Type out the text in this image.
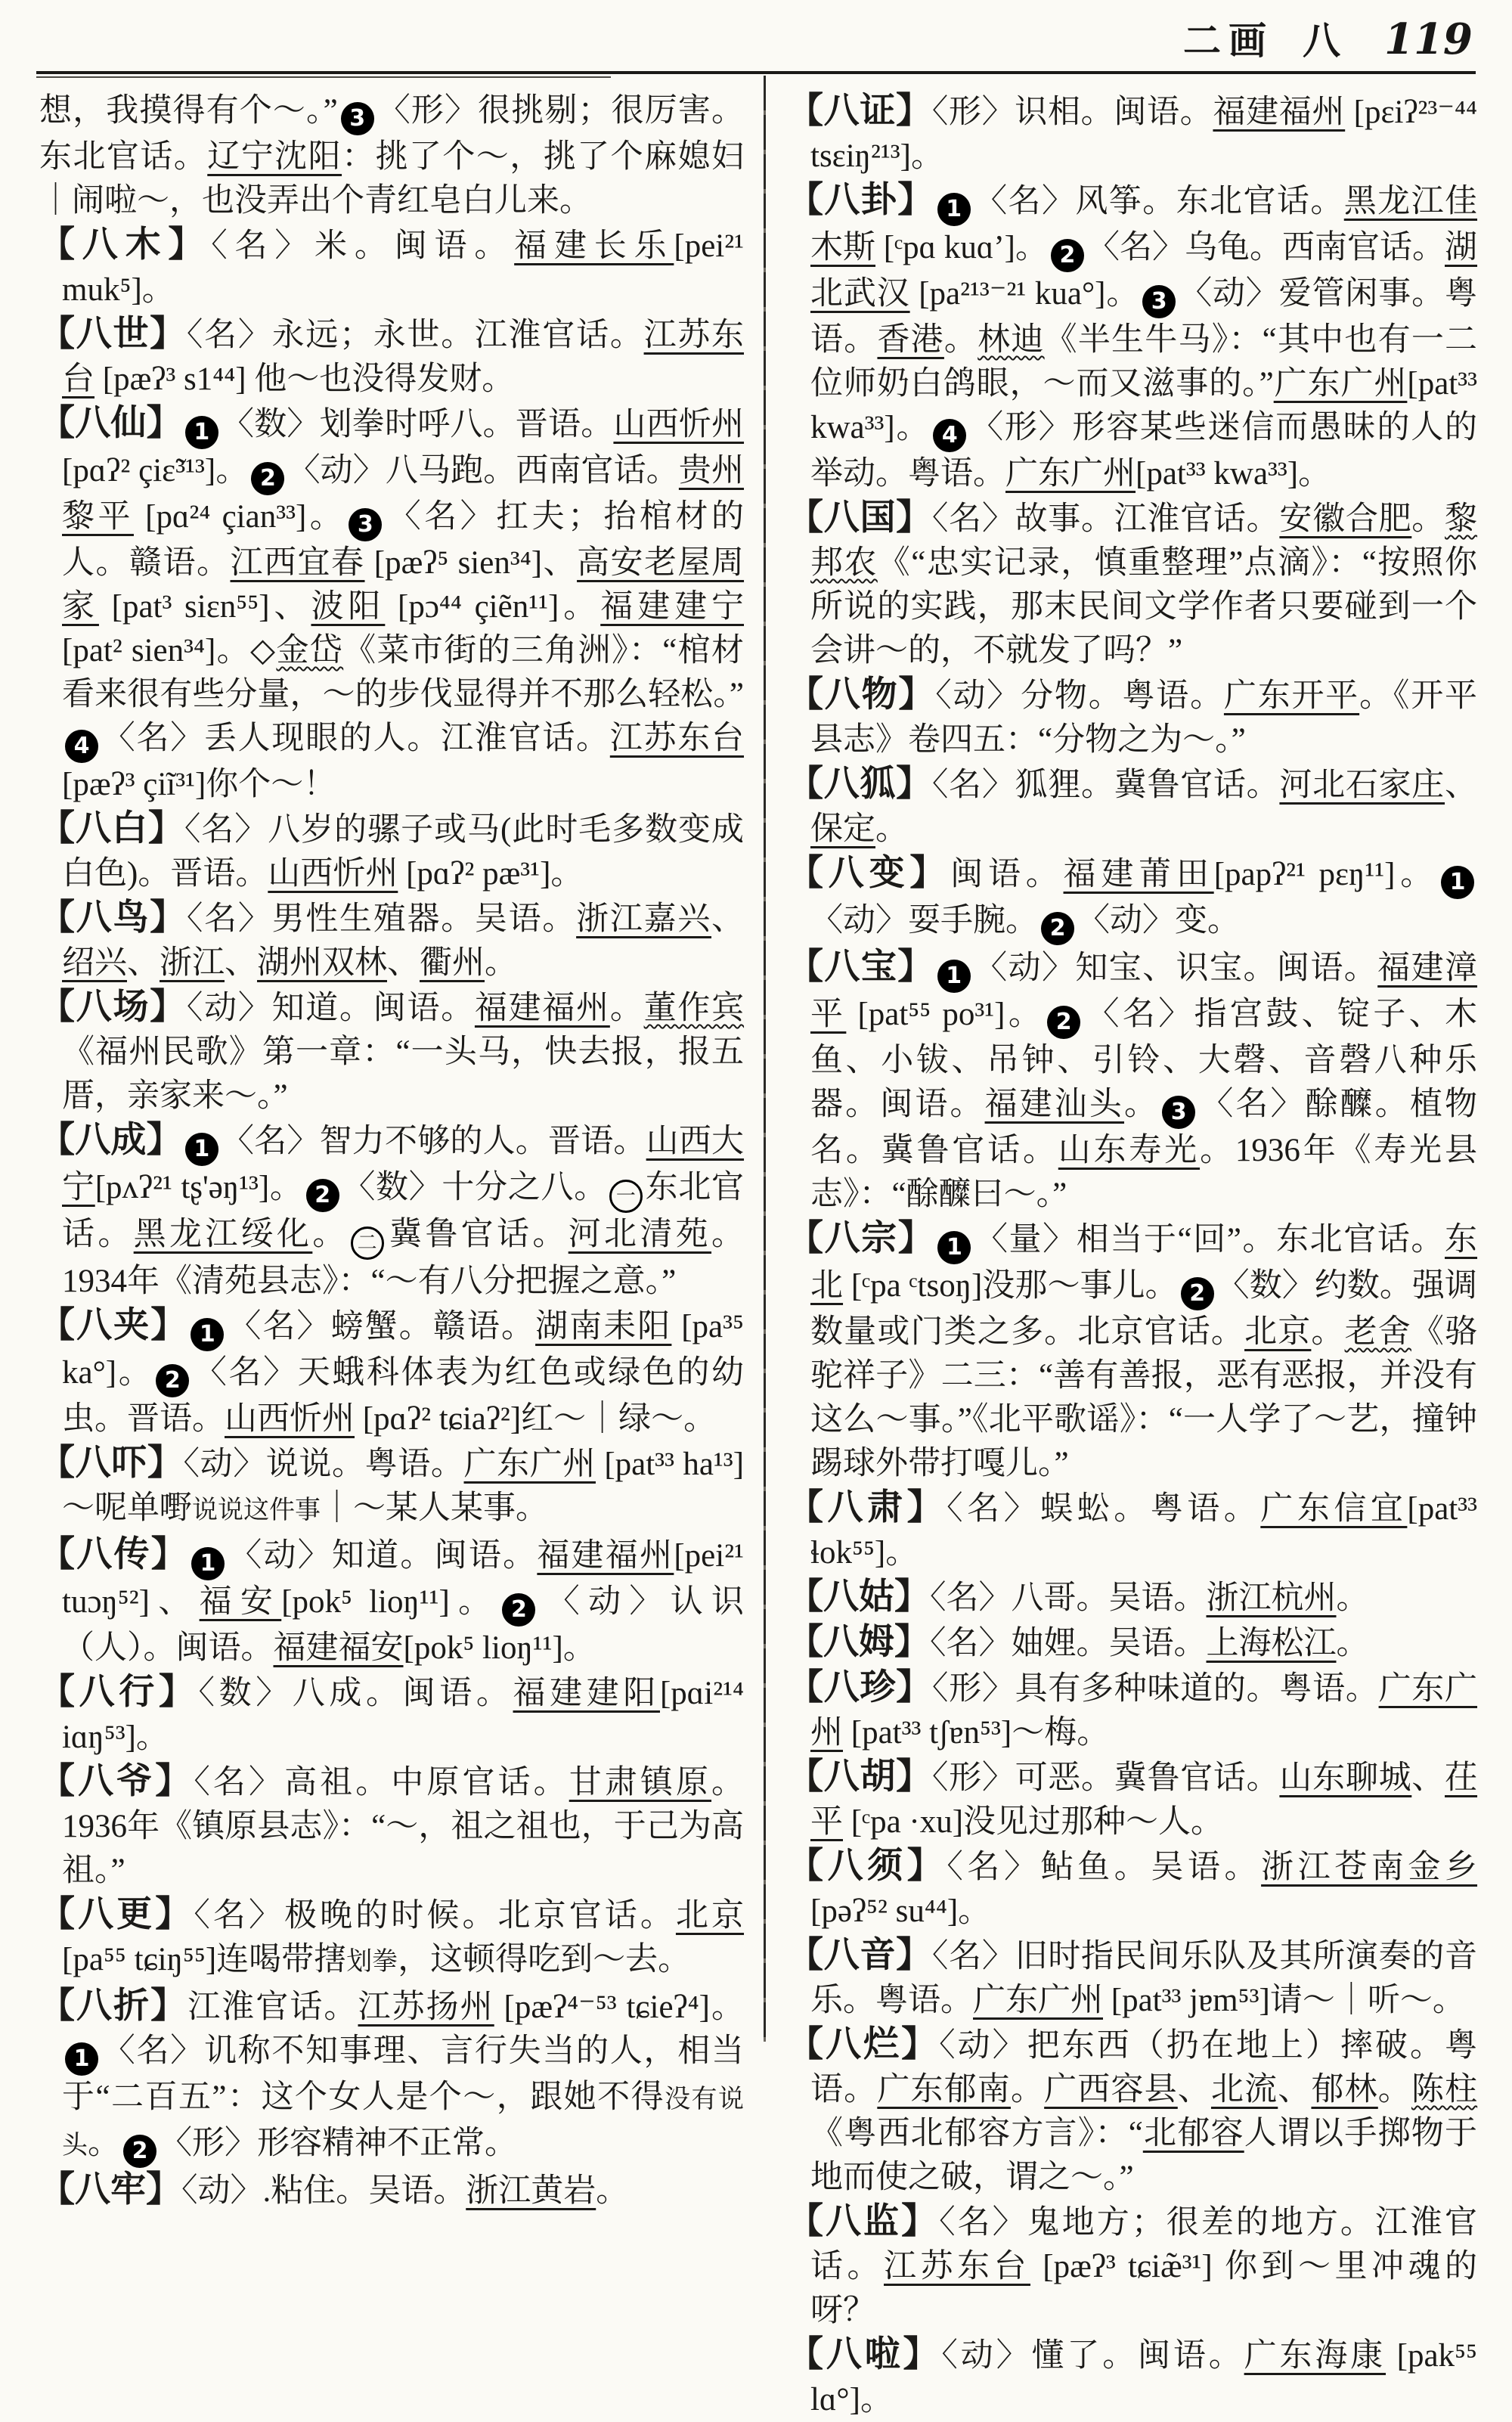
二画 八 119

想，我摸得有个～。” 3 〈形〉很挑剔；很厉害。东北官话。辽宁沈阳：挑了个～，挑了个麻媳妇｜闹啦～，也没弄出个青红皂白儿来。

【八木】〈名〉米。闽语。福建长乐[pei²¹ muk⁵]。

【八世】〈名〉永远；永世。江淮官话。江苏东台 [pæʔ³ s1⁴⁴] 他～也没得发财。

【八仙】 1 〈数〉划拳时呼八。晋语。山西忻州 [pɑʔ² çiɛ̃³¹³]。 2 〈动〉八马跑。西南官话。贵州黎平 [pɑ²⁴ çian³³]。 3 〈名〉扛夫；抬棺材的人。赣语。江西宜春 [pæʔ⁵ sien³⁴]、高安老屋周家 [pat³ siɛn⁵⁵]、波阳 [pɔ⁴⁴ çiẽn¹¹]。福建建宁 [pat² sien³⁴]。◇金岱《菜市街的三角洲》：“棺材看来很有些分量，～的步伐显得并不那么轻松。”4 〈名〉丢人现眼的人。江淮官话。江苏东台[pæʔ³ çiĩ³¹]你个～！

【八白】〈名〉八岁的骡子或马(此时毛多数变成白色)。晋语。山西忻州 [pɑʔ² pæ³¹]。

【八鸟】〈名〉男性生殖器。吴语。浙江嘉兴、绍兴、浙江、湖州双林、衢州。

【八场】〈动〉知道。闽语。福建福州。董作宾《福州民歌》第一章：“一头马，快去报，报五厝，亲家来～。”

【八成】 1 〈名〉智力不够的人。晋语。山西大宁[pʌʔ²¹ tʂ'əŋ¹³]。 2 〈数〉十分之八。 一 东北官话。黑龙江绥化。 二 冀鲁官话。河北清苑。1934年《清苑县志》：“～有八分把握之意。”

【八夹】 1 〈名〉螃蟹。赣语。湖南耒阳 [pa³⁵ ka°]。 2 〈名〉天蛾科体表为红色或绿色的幼虫。晋语。山西忻州 [pɑʔ² tɕiaʔ²]红～｜绿～。

【八吓】〈动〉说说。粤语。广东广州 [pat³³ ha¹³] ～呢单嘢说说这件事｜～某人某事。

【八传】 1 〈动〉知道。闽语。福建福州[pei²¹ tuɔŋ⁵²]、福安[pok⁵ lioŋ¹¹]。 2 〈动〉认识（人）。闽语。福建福安[pok⁵ lioŋ¹¹]。

【八行】〈数〉八成。闽语。福建建阳[pɑi²¹⁴ iɑŋ⁵³]。

【八爷】〈名〉高祖。中原官话。甘肃镇原。1936年《镇原县志》：“～，祖之祖也，于己为高祖。”

【八更】〈名〉极晚的时候。北京官话。北京 [pa⁵⁵ tɕiŋ⁵⁵]连喝带搳划拳，这顿得吃到～去。

【八折】江淮官话。江苏扬州 [pæʔ⁴⁻⁵³ tɕieʔ⁴]。1 〈名〉讥称不知事理、言行失当的人，相当于“二百五”：这个女人是个～，跟她不得没有说头。 2 〈形〉形容精神不正常。

【八牢】〈动〉.粘住。吴语。浙江黄岩。

【八证】〈形〉识相。闽语。福建福州 [pεiʔ²³⁻⁴⁴ tsεiŋ²¹³]。

【八卦】 1 〈名〉风筝。东北官话。黑龙江佳木斯 [ᶜpɑ kuɑʼ]。 2 〈名〉乌龟。西南官话。湖北武汉 [pa²¹³⁻²¹ kua°]。 3 〈动〉爱管闲事。粤语。香港。林迪《半生牛马》：“其中也有一二位师奶白鸽眼，～而又滋事的。”广东广州[pat³³ kwa³³]。 4 〈形〉形容某些迷信而愚昧的人的举动。粤语。广东广州[pat³³ kwa³³]。

【八国】〈名〉故事。江淮官话。安徽合肥。黎邦农《“忠实记录，慎重整理”点滴》：“按照你所说的实践，那末民间文学作者只要碰到一个会讲～的，不就发了吗？”

【八物】〈动〉分物。粤语。广东开平。《开平县志》卷四五：“分物之为～。”

【八狐】〈名〉狐狸。冀鲁官话。河北石家庄、保定。

【八变】闽语。福建莆田[papʔ²¹ pɛŋ¹¹]。 1〈动〉耍手腕。 2 〈动〉变。

【八宝】 1 〈动〉知宝、识宝。闽语。福建漳平 [pat⁵⁵ po³¹]。 2 〈名〉指宫鼓、锭子、木鱼、小钹、吊钟、引铃、大磬、音磬八种乐器。闽语。福建汕头。 3 〈名〉酴醾。植物名。冀鲁官话。山东寿光。1936年《寿光县志》：“酴醾曰～。”

【八宗】 1 〈量〉相当于“回”。东北官话。东北 [ᶜpa ᶜtsoŋ]没那～事儿。 2 〈数〉约数。强调数量或门类之多。北京官话。北京。老舍《骆驼祥子》二三：“善有善报，恶有恶报，并没有这么～事。”《北平歌谣》：“一人学了～艺，撞钟踢球外带打嘎儿。”

【八肃】〈名〉蜈蚣。粤语。广东信宜[pat³³ ɬok⁵⁵]。

【八姑】〈名〉八哥。吴语。浙江杭州。

【八姆】〈名〉妯娌。吴语。上海松江。

【八珍】〈形〉具有多种味道的。粤语。广东广州 [pat³³ tʃɐn⁵³]～梅。

【八胡】〈形〉可恶。冀鲁官话。山东聊城、茌平 [ᶜpa ·xu]没见过那种～人。

【八须】〈名〉鲇鱼。吴语。浙江苍南金乡[pəʔ⁵² su⁴⁴]。

【八音】〈名〉旧时指民间乐队及其所演奏的音乐。粤语。广东广州 [pat³³ jɐm⁵³]请～｜听～。

【八烂】〈动〉把东西（扔在地上）摔破。粤语。广东郁南。广西容县、北流、郁林。陈柱《粤西北郁容方言》：“北郁容人谓以手掷物于地而使之破，谓之～。”

【八监】〈名〉鬼地方；很差的地方。江淮官话。江苏东台 [pæʔ³ tɕiæ̃³¹] 你到～里冲魂的呀？

【八啦】〈动〉懂了。闽语。广东海康 [pak⁵⁵ lɑ°]。
